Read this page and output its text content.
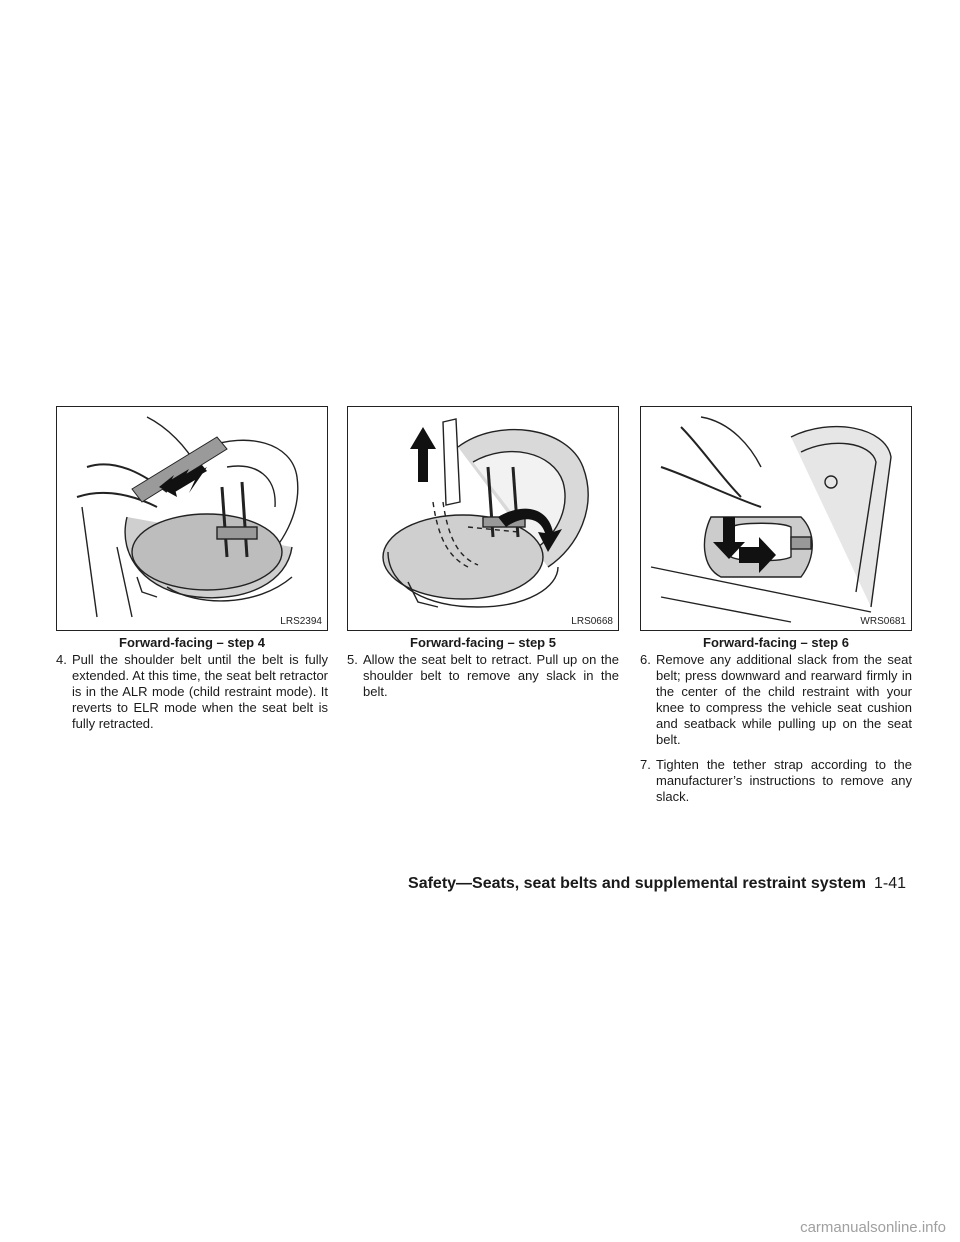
LRS2394
Forward-facing – step 4

4. Pull the shoulder belt until the belt is fully extended. At this time, the seat belt retractor is in the ALR mode (child restraint mode). It reverts to ELR mode when the seat belt is fully retracted.

LRS0668
Forward-facing – step 5

5. Allow the seat belt to retract. Pull up on the shoulder belt to remove any slack in the belt.

WRS0681
Forward-facing – step 6

6. Remove any additional slack from the seat belt; press downward and rearward firmly in the center of the child restraint with your knee to compress the vehicle seat cushion and seatback while pulling up on the seat belt.

7. Tighten the tether strap according to the manufacturer’s instructions to remove any slack.

Safety—Seats, seat belts and supplemental restraint system 1-41
carmanualsonline.info
